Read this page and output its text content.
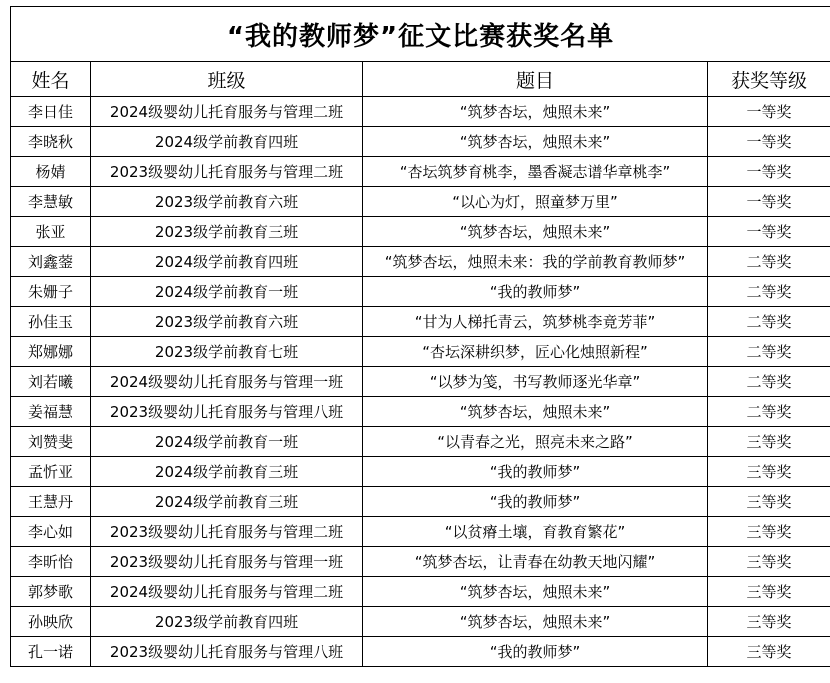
“我的教师梦”征文比赛获奖名单			
姓名	班级	题目	获奖等级
李日佳	2024级婴幼儿托育服务与管理二班	“筑梦杏坛，烛照未来”	一等奖
李晓秋	2024级学前教育四班	“筑梦杏坛，烛照未来”	一等奖
杨婧	2023级婴幼儿托育服务与管理二班	“杏坛筑梦育桃李，墨香凝志谱华章桃李”	一等奖
李慧敏	2023级学前教育六班	“以心为灯，照童梦万里”	一等奖
张亚	2023级学前教育三班	“筑梦杏坛，烛照未来”	一等奖
刘鑫蓥	2024级学前教育四班	“筑梦杏坛，烛照未来：我的学前教育教师梦”	二等奖
朱姗子	2024级学前教育一班	“我的教师梦”	二等奖
孙佳玉	2023级学前教育六班	“甘为人梯托青云，筑梦桃李竟芳菲”	二等奖
郑娜娜	2023级学前教育七班	“杏坛深耕织梦，匠心化烛照新程”	二等奖
刘若曦	2024级婴幼儿托育服务与管理一班	“以梦为笺，书写教师逐光华章”	二等奖
姜福慧	2023级婴幼儿托育服务与管理八班	“筑梦杏坛，烛照未来”	二等奖
刘赞斐	2024级学前教育一班	“以青春之光，照亮未来之路”	三等奖
孟忻亚	2024级学前教育三班	“我的教师梦”	三等奖
王慧丹	2024级学前教育三班	“我的教师梦”	三等奖
李心如	2023级婴幼儿托育服务与管理二班	“以贫瘠土壤，育教育繁花”	三等奖
李昕怡	2023级婴幼儿托育服务与管理一班	“筑梦杏坛，让青春在幼教天地闪耀”	三等奖
郭梦歌	2024级婴幼儿托育服务与管理二班	“筑梦杏坛，烛照未来”	三等奖
孙映欣	2023级学前教育四班	“筑梦杏坛，烛照未来”	三等奖
孔一诺	2023级婴幼儿托育服务与管理八班	“我的教师梦”	三等奖
